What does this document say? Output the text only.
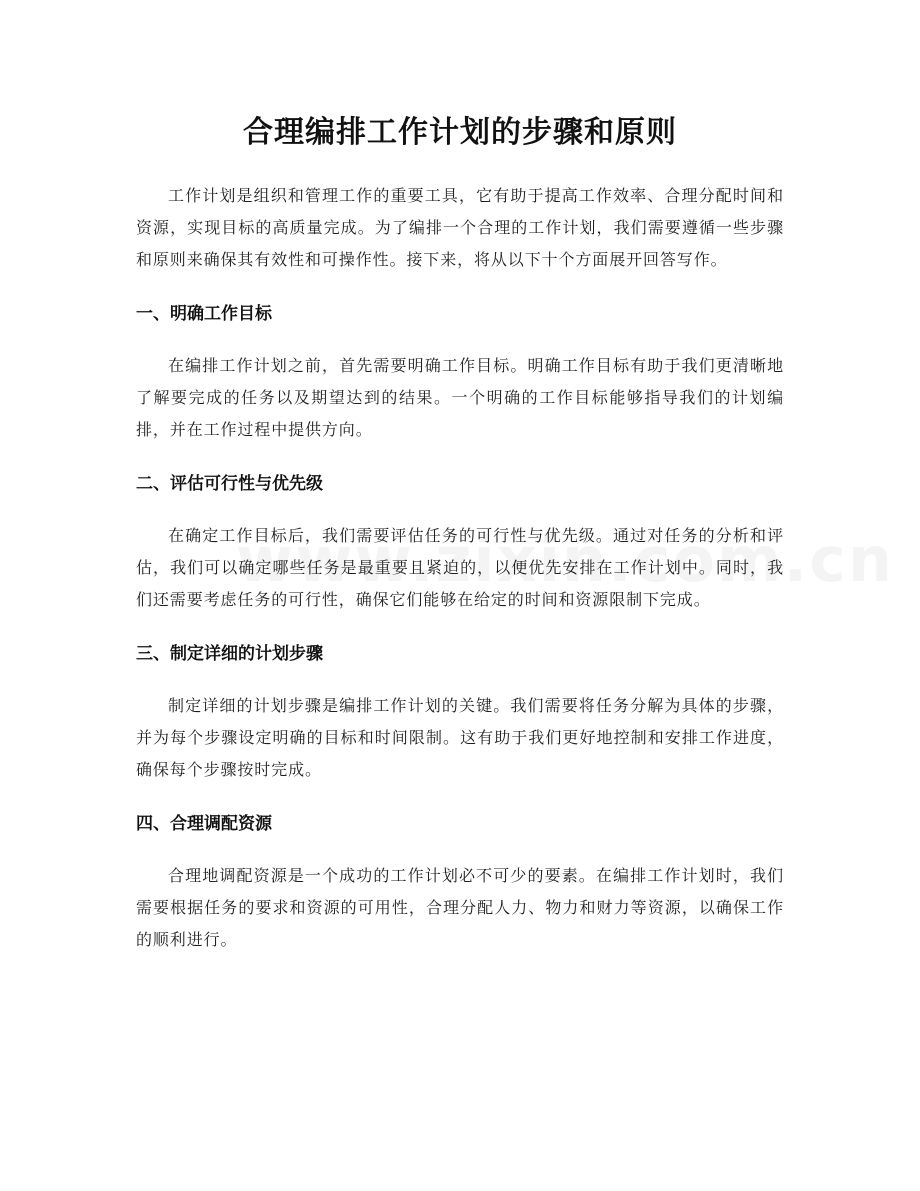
合理编排工作计划的步骤和原则

工作计划是组织和管理工作的重要工具，它有助于提高工作效率、合理分配时间和资源，实现目标的高质量完成。为了编排一个合理的工作计划，我们需要遵循一些步骤和原则来确保其有效性和可操作性。接下来，将从以下十个方面展开回答写作。

一、明确工作目标

在编排工作计划之前，首先需要明确工作目标。明确工作目标有助于我们更清晰地了解要完成的任务以及期望达到的结果。一个明确的工作目标能够指导我们的计划编排，并在工作过程中提供方向。

二、评估可行性与优先级

在确定工作目标后，我们需要评估任务的可行性与优先级。通过对任务的分析和评估，我们可以确定哪些任务是最重要且紧迫的，以便优先安排在工作计划中。同时，我们还需要考虑任务的可行性，确保它们能够在给定的时间和资源限制下完成。

三、制定详细的计划步骤

制定详细的计划步骤是编排工作计划的关键。我们需要将任务分解为具体的步骤，并为每个步骤设定明确的目标和时间限制。这有助于我们更好地控制和安排工作进度，确保每个步骤按时完成。

四、合理调配资源

合理地调配资源是一个成功的工作计划必不可少的要素。在编排工作计划时，我们需要根据任务的要求和资源的可用性，合理分配人力、物力和财力等资源，以确保工作的顺利进行。
